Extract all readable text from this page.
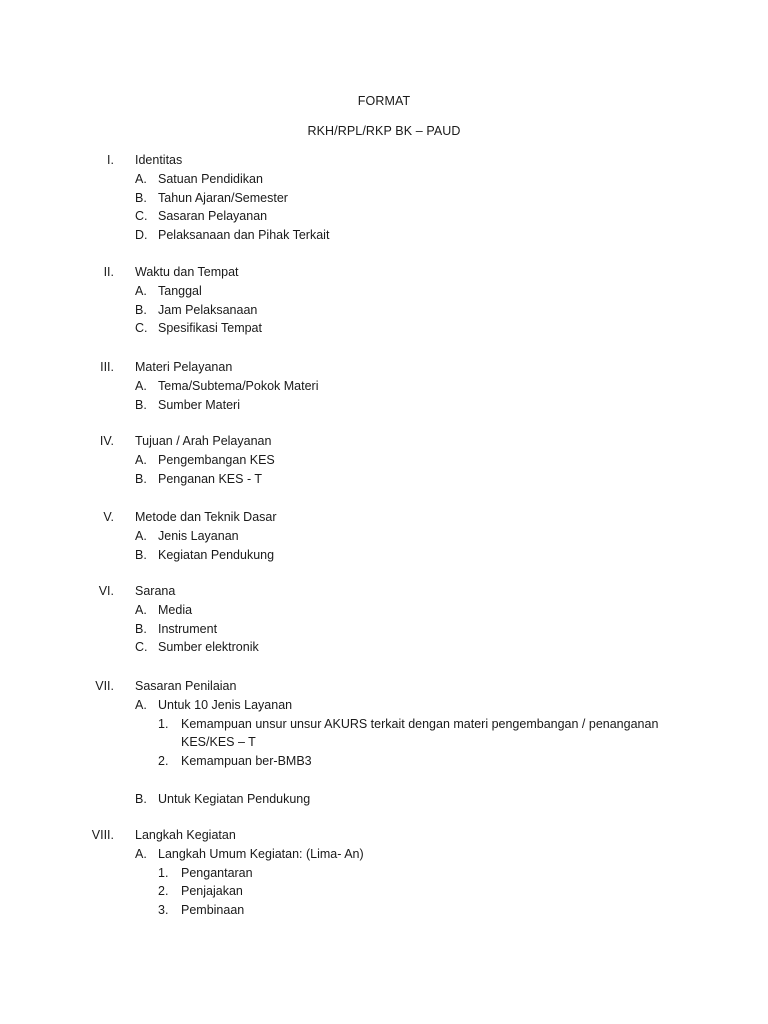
FORMAT
RKH/RPL/RKP BK – PAUD
I. Identitas
A. Satuan Pendidikan
B. Tahun Ajaran/Semester
C. Sasaran Pelayanan
D. Pelaksanaan dan Pihak Terkait
II. Waktu dan Tempat
A. Tanggal
B. Jam Pelaksanaan
C. Spesifikasi Tempat
III. Materi Pelayanan
A. Tema/Subtema/Pokok Materi
B. Sumber Materi
IV. Tujuan / Arah Pelayanan
A. Pengembangan KES
B. Penganan KES - T
V. Metode dan Teknik Dasar
A. Jenis Layanan
B. Kegiatan Pendukung
VI. Sarana
A. Media
B. Instrument
C. Sumber elektronik
VII. Sasaran Penilaian
A. Untuk 10 Jenis Layanan
1.	Kemampuan unsur unsur AKURS terkait dengan materi pengembangan / penanganan
KES/KES – T
2.	Kemampuan ber-BMB3
B. Untuk Kegiatan Pendukung
VIII. Langkah Kegiatan
A. Langkah Umum Kegiatan: (Lima- An)
1.	Pengantaran
2.	Penjajakan
3.	Pembinaan
